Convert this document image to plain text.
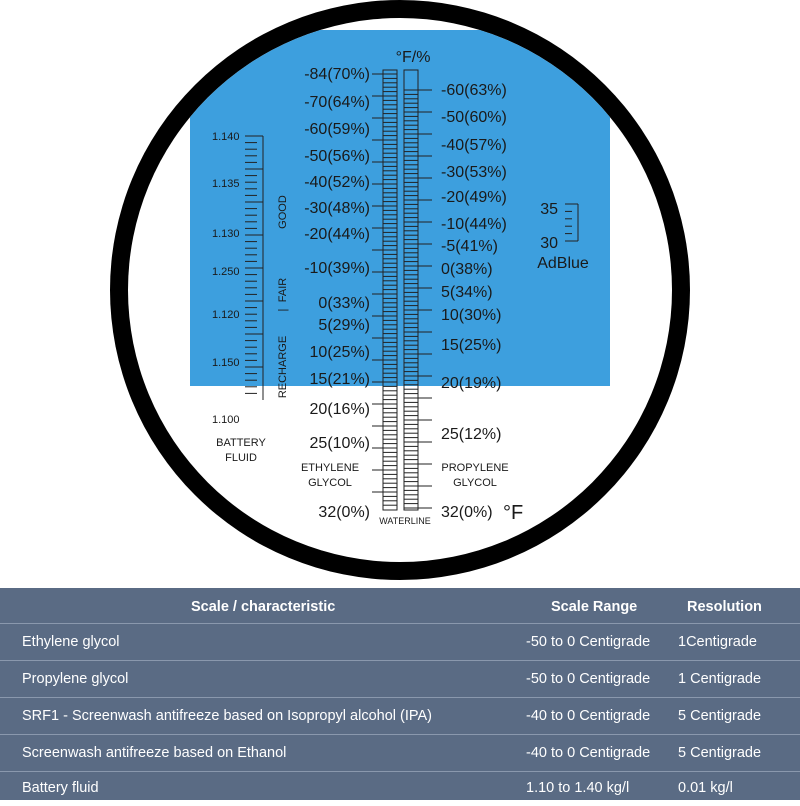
°F/%
1.140
1.135
1.130
1.250
1.120
1.150
1.100
GOOD
FAIR
|
RECHARGE
BATTERY
FLUID
-84(70%)
-70(64%)
-60(59%)
-50(56%)
-40(52%)
-30(48%)
-20(44%)
-10(39%)
0(33%)
5(29%)
10(25%)
15(21%)
20(16%)
25(10%)
32(0%)
ETHYLENE
GLYCOL
-60(63%)
-50(60%)
-40(57%)
-30(53%)
-20(49%)
-10(44%)
-5(41%)
0(38%)
5(34%)
10(30%)
15(25%)
20(19%)
25(12%)
32(0%)
PROPYLENE
GLYCOL
WATERLINE	°F
35
30
AdBlue
Scale / characteristic	Scale Range	Resolution
Ethylene glycol	-50 to 0 Centigrade 1Centigrade
Propylene glycol	-50 to 0 Centigrade 1 Centigrade
SRF1 - Screenwash antifreeze based on Isopropyl alcohol (IPA)	-40 to 0 Centigrade 5 Centigrade
Screenwash antifreeze based on Ethanol	-40 to 0 Centigrade 5 Centigrade
Battery fluid	1.10 to 1.40 kg/l	0.01 kg/l
